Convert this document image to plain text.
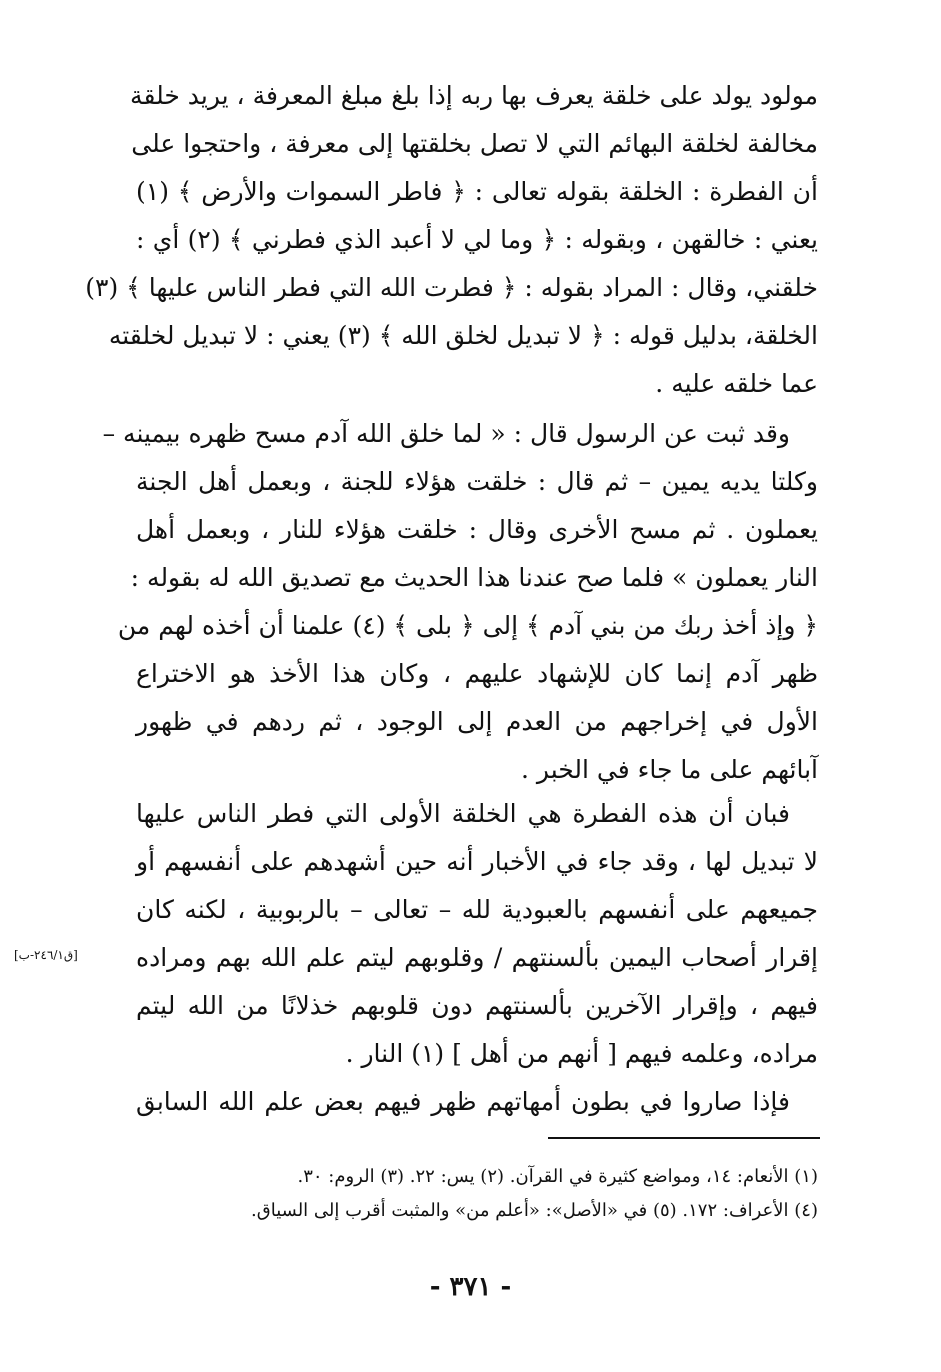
مولود يولد على خلقة يعرف بها ربه إذا بلغ مبلغ المعرفة ، يريد خلقة
مخالفة لخلقة البهائم التي لا تصل بخلقتها إلى معرفة ، واحتجوا على
أن الفطرة : الخلقة بقوله تعالى : ﴿ فاطر السموات والأرض ﴾ (١)
يعني : خالقهن ، وبقوله : ﴿ وما لي لا أعبد الذي فطرني ﴾ (٢) أي :
خلقني، وقال : المراد بقوله : ﴿ فطرت الله التي فطر الناس عليها ﴾ (٣)
الخلقة، بدليل قوله : ﴿ لا تبديل لخلق الله ﴾ (٣) يعني : لا تبديل لخلقته
عما خلقه عليه .
وقد ثبت عن الرسول قال : « لما خلق الله آدم مسح ظهره بيمينه –
وكلتا يديه يمين – ثم قال : خلقت هؤلاء للجنة ، وبعمل أهل الجنة
يعملون . ثم مسح الأخرى وقال : خلقت هؤلاء للنار ، وبعمل أهل
النار يعملون » فلما صح عندنا هذا الحديث مع تصديق الله له بقوله :
﴿ وإذ أخذ ربك من بني آدم ﴾ إلى ﴿ بلى ﴾ (٤) علمنا أن أخذه لهم من
ظهر آدم إنما كان للإشهاد عليهم ، وكان هذا الأخذ هو الاختراع
الأول في إخراجهم من العدم إلى الوجود ، ثم ردهم في ظهور
آبائهم على ما جاء في الخبر .
فبان أن هذه الفطرة هي الخلقة الأولى التي فطر الناس عليها
لا تبديل لها ، وقد جاء في الأخبار أنه حين أشهدهم على أنفسهم أو
جميعهم على أنفسهم بالعبودية لله – تعالى – بالربوبية ، لكنه كان
إقرار أصحاب اليمين بألسنتهم / وقلوبهم ليتم علم الله بهم ومراده
فيهم ، وإقرار الآخرين بألسنتهم دون قلوبهم خذلانًا من الله ليتم
مراده، وعلمه فيهم [ أنهم من أهل ] (١) النار .
[ق٢٤٦/١-ب]
فإذا صاروا في بطون أمهاتهم ظهر فيهم بعض علم الله السابق
(١) الأنعام: ١٤، ومواضع كثيرة في القرآن. (٢) يس: ٢٢. (٣) الروم: ٣٠.
(٤) الأعراف: ١٧٢. (٥) في «الأصل»: «أعلم من» والمثبت أقرب إلى السياق.
- ٣٧١ -
